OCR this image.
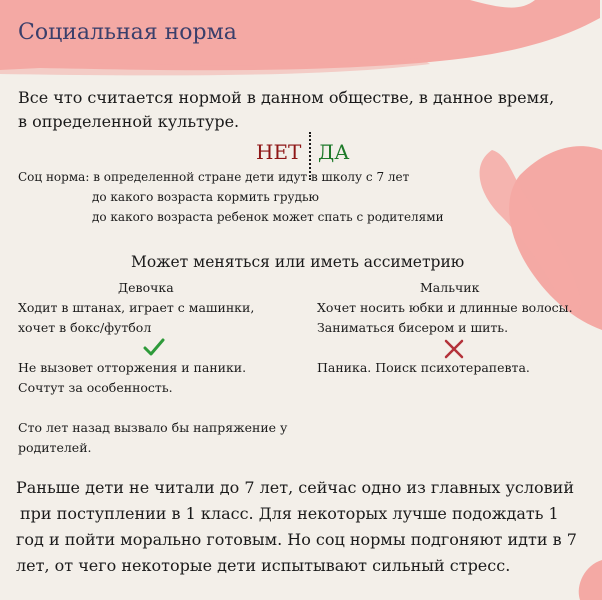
Социальная норма
Все что считается нормой в данном обществе, в данное время,
в определенной культуре.
НЕТ ДА
Соц норма: в определенной стране дети идут в школу с 7 лет
до какого возраста кормить грудью
до какого возраста ребенок может спать с родителями
Может меняться или иметь ассиметрию
Девочка
Ходит в штанах, играет с машинки,
хочет в бокс/футбол
Мальчик
Хочет носить юбки и длинные волосы.
Заниматься бисером и шить.
Не вызовет отторжения и паники.
Сочтут за особенность.
Паника. Поиск психотерапевта.
Сто лет назад вызвало бы напряжение у
родителей.
Раньше дети не читали до 7 лет, сейчас одно из главных условий
при поступлении в 1 класс. Для некоторых лучше подождать 1
год и пойти морально готовым. Но соц нормы подгоняют идти в 7
лет, от чего некоторые дети испытывают сильный стресс.
